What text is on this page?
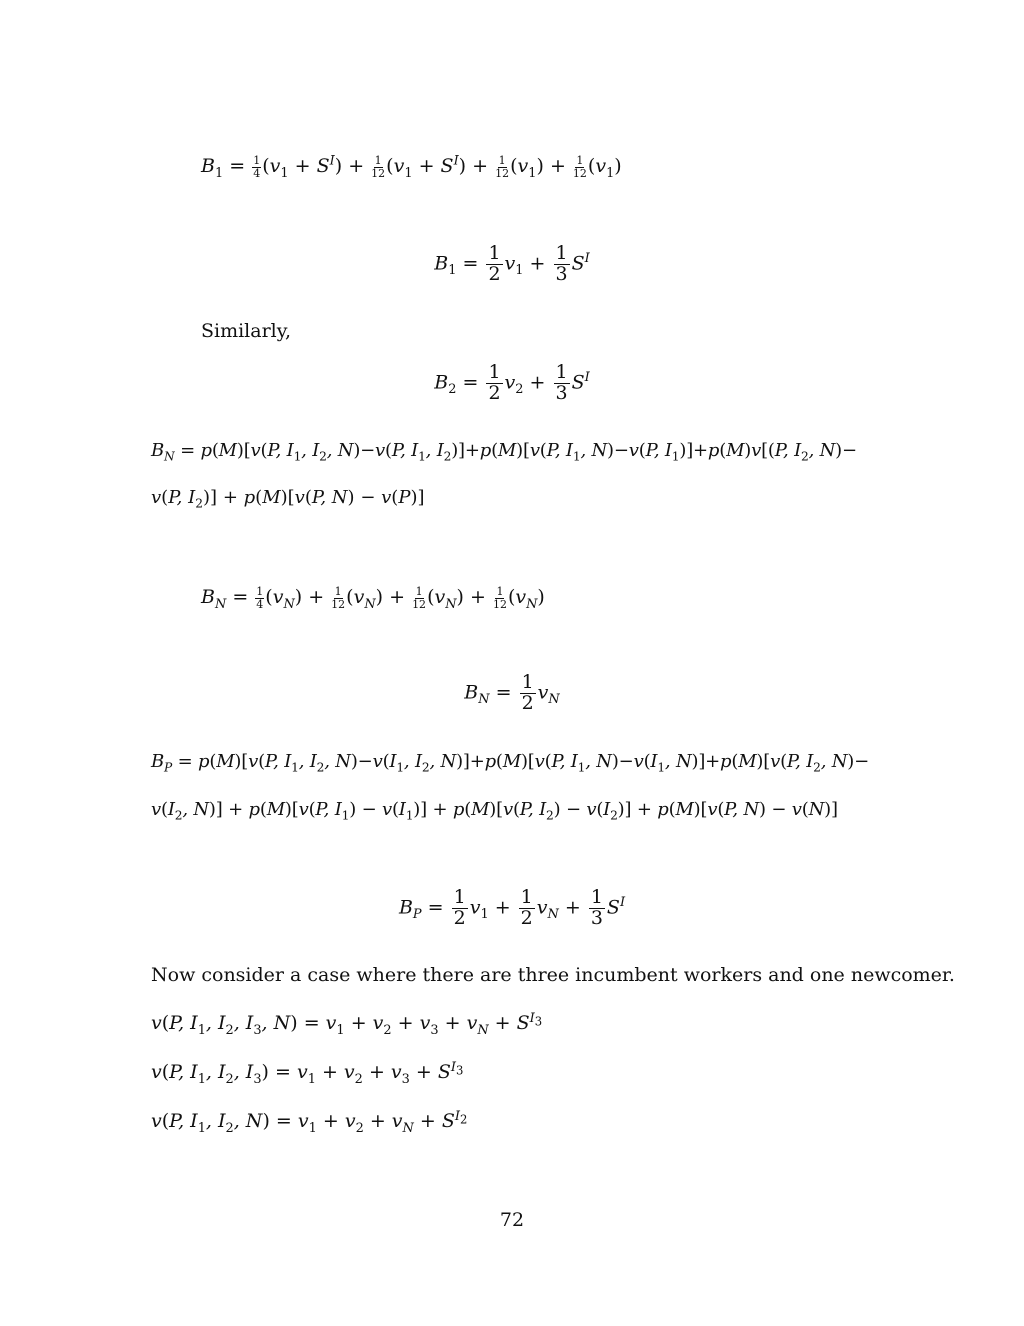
$B_1 = \frac{1}{4} (v_1 + S^I) + \frac{1}{12} (v_1 + S^I) + \frac{1}{12} (v_1) + \frac{1}{12} (v_1)$
$B_1 = \frac{1}{2} v_1 + \frac{1}{3} S^I$
Similarly,
$B_2 = \frac{1}{2} v_2 + \frac{1}{3} S^I$
$B_N = p(M)[v(P$, $I_1$, $I_2$, N)−v(P, $I_1$, $I_2)]+p(M)[v(P$, $I_1$, N)−v(P, $I_1)]+p(M)v[(P$, $I_2$, N)−
v(P, $I_2)] + p(M)[v(P$, N) − v(P)]
$B_N = \frac{1}{4} (v_N) + \frac{1}{12} (v_N) + \frac{1}{12} (v_N) + \frac{1}{12} (v_N)$
$B_N = \frac{1}{2} v_N$
$B_P = p(M)[v(P$, $I_1$, $I_2$, $N)-v(I_1$, $I_2$, N)]+p(M)[v(P, $I_1$, $N)-v(I_1$, N)]+p(M)[v(P, $I_2$, N)−
$v(I_2$, N)] + p(M)[v(P, $I_1) - v(I_1)] + p(M)[v(P$, $I_2) - v(I_2)] + p(M)[v(P$, N) − v(N)]
$B_P = \frac{1}{2} v_1 + \frac{1}{2} v_N + \frac{1}{3} S^I$
Now consider a case where there are three incumbent workers and one newcomer.
v(P, $I_1$, $I_2$, $I_3$, $N) = v_1 + v_2 + v_3 + v_N + S^{I_3}$
v(P, $I_1$, $I_2$, $I_3) = v_1 + v_2 + v_3 + S^{I_3}$
v(P, $I_1$, $I_2$, $N) = v_1 + v_2 + v_N + S^{I_2}$
72
